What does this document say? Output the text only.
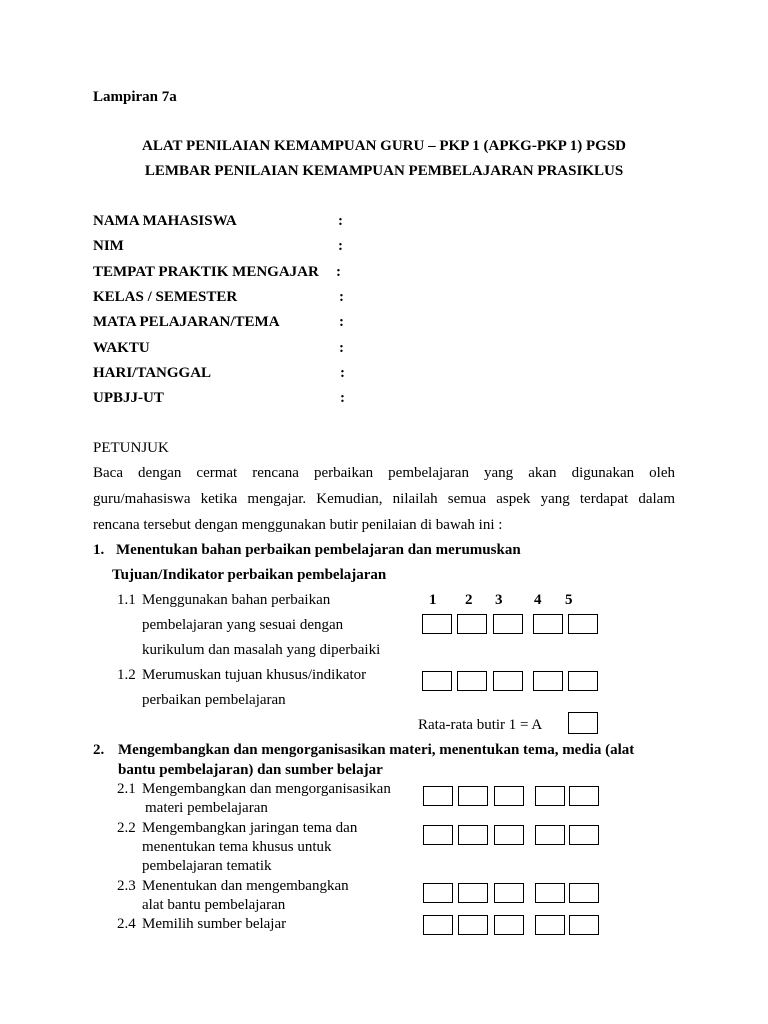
Lampiran 7a
ALAT PENILAIAN KEMAMPUAN GURU – PKP 1 (APKG-PKP 1) PGSD
LEMBAR PENILAIAN KEMAMPUAN PEMBELAJARAN PRASIKLUS
NAMA MAHASISWA	:
NIM	:
TEMPAT PRAKTIK MENGAJAR :
KELAS / SEMESTER	:
MATA PELAJARAN/TEMA	:
WAKTU	:
HARI/TANGGAL	:
UPBJJ-UT	:
PETUNJUK
Baca dengan cermat rencana perbaikan pembelajaran yang akan digunakan oleh
guru/mahasiswa ketika mengajar. Kemudian, nilailah semua aspek yang terdapat dalam
rencana tersebut dengan menggunakan butir penilaian di bawah ini :
1. Menentukan bahan perbaikan pembelajaran dan merumuskan
Tujuan/Indikator perbaikan pembelajaran
1 2 3 4 5
1.1 Menggunakan bahan perbaikan
pembelajaran yang sesuai dengan
kurikulum dan masalah yang diperbaiki
1.2 Merumuskan tujuan khusus/indikator
perbaikan pembelajaran
Rata-rata butir 1 = A
2. Mengembangkan dan mengorganisasikan materi, menentukan tema, media (alat
bantu pembelajaran) dan sumber belajar
2.1 Mengembangkan dan mengorganisasikan
materi pembelajaran
2.2 Mengembangkan jaringan tema dan
menentukan tema khusus untuk
pembelajaran tematik
2.3 Menentukan dan mengembangkan
alat bantu pembelajaran
2.4 Memilih sumber belajar
